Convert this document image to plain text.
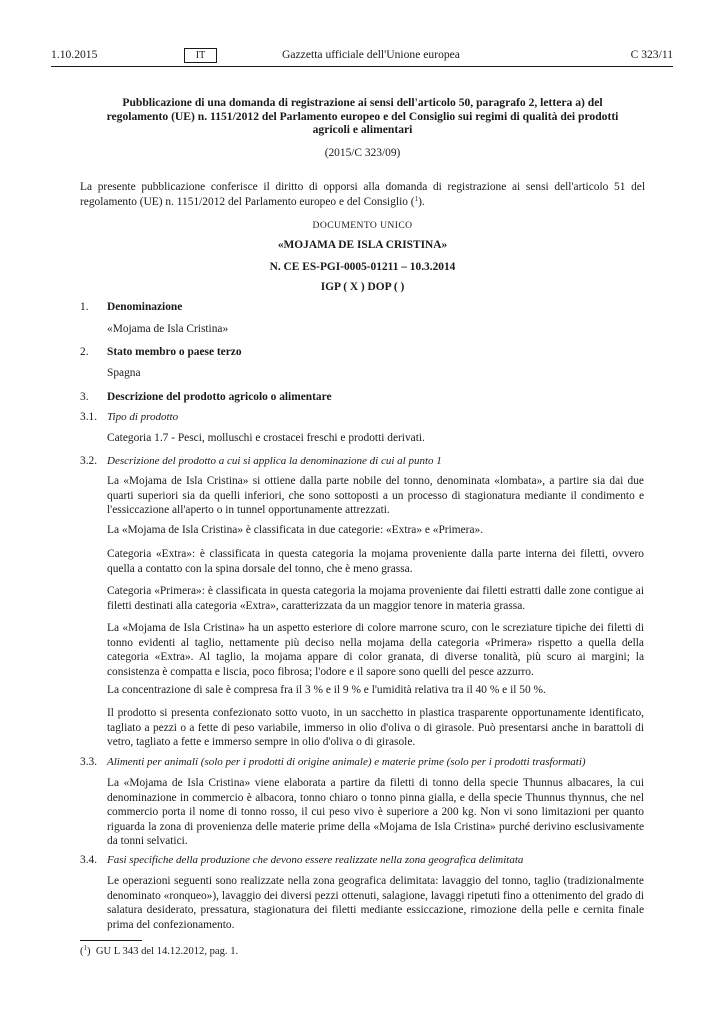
1.10.2015	IT	Gazzetta ufficiale dell'Unione europea	C 323/11
Pubblicazione di una domanda di registrazione ai sensi dell'articolo 50, paragrafo 2, lettera a) del regolamento (UE) n. 1151/2012 del Parlamento europeo e del Consiglio sui regimi di qualità dei prodotti agricoli e alimentari
(2015/C 323/09)
La presente pubblicazione conferisce il diritto di opporsi alla domanda di registrazione ai sensi dell'articolo 51 del regolamento (UE) n. 1151/2012 del Parlamento europeo e del Consiglio ($^1$).
DOCUMENTO UNICO
«MOJAMA DE ISLA CRISTINA»
N. CE ES-PGI-0005-01211 – 10.3.2014
IGP ( X ) DOP ( )
1. Denominazione
«Mojama de Isla Cristina»
2. Stato membro o paese terzo
Spagna
3. Descrizione del prodotto agricolo o alimentare
3.1. Tipo di prodotto
Categoria 1.7 - Pesci, molluschi e crostacei freschi e prodotti derivati.
3.2. Descrizione del prodotto a cui si applica la denominazione di cui al punto 1
La «Mojama de Isla Cristina» si ottiene dalla parte nobile del tonno, denominata «lombata», a partire sia dai due quarti superiori sia da quelli inferiori, che sono sottoposti a un processo di stagionatura mediante il condimento e l'essiccazione all'aperto o in tunnel opportunamente attrezzati.
La «Mojama de Isla Cristina» è classificata in due categorie: «Extra» e «Primera».
Categoria «Extra»: è classificata in questa categoria la mojama proveniente dalla parte interna dei filetti, ovvero quella a contatto con la spina dorsale del tonno, che è meno grassa.
Categoria «Primera»: è classificata in questa categoria la mojama proveniente dai filetti estratti dalle zone contigue ai filetti destinati alla categoria «Extra», caratterizzata da un maggior tenore in materia grassa.
La «Mojama de Isla Cristina» ha un aspetto esteriore di colore marrone scuro, con le screziature tipiche dei filetti di tonno evidenti al taglio, nettamente più deciso nella mojama della categoria «Primera» rispetto a quella della categoria «Extra». Al taglio, la mojama appare di color granata, di diverse tonalità, più scuro ai margini; la consistenza è compatta e liscia, poco fibrosa; l'odore e il sapore sono quelli del pesce azzurro.
La concentrazione di sale è compresa fra il 3 % e il 9 % e l'umidità relativa tra il 40 % e il 50 %.
Il prodotto si presenta confezionato sotto vuoto, in un sacchetto in plastica trasparente opportunamente identificato, tagliato a pezzi o a fette di peso variabile, immerso in olio d'oliva o di girasole. Può presentarsi anche in barattoli di vetro, tagliato a fette e immerso sempre in olio d'oliva o di girasole.
3.3. Alimenti per animali (solo per i prodotti di origine animale) e materie prime (solo per i prodotti trasformati)
La «Mojama de Isla Cristina» viene elaborata a partire da filetti di tonno della specie Thunnus albacares, la cui denominazione in commercio è albacora, tonno chiaro o tonno pinna gialla, e della specie Thunnus thynnus, che nel commercio porta il nome di tonno rosso, il cui peso vivo è superiore a 200 kg. Non vi sono limitazioni per quanto riguarda la zona di provenienza delle materie prime della «Mojama de Isla Cristina» purché derivino esclusivamente da tonni selvatici.
3.4. Fasi specifiche della produzione che devono essere realizzate nella zona geografica delimitata
Le operazioni seguenti sono realizzate nella zona geografica delimitata: lavaggio del tonno, taglio (tradizionalmente denominato «ronqueo»), lavaggio dei diversi pezzi ottenuti, salagione, lavaggi ripetuti fino a ottenimento del grado di salatura desiderato, pressatura, stagionatura dei filetti mediante essiccazione, rimozione della pelle e cernita finale prima del confezionamento.
($^1$)  GU L 343 del 14.12.2012, pag. 1.
